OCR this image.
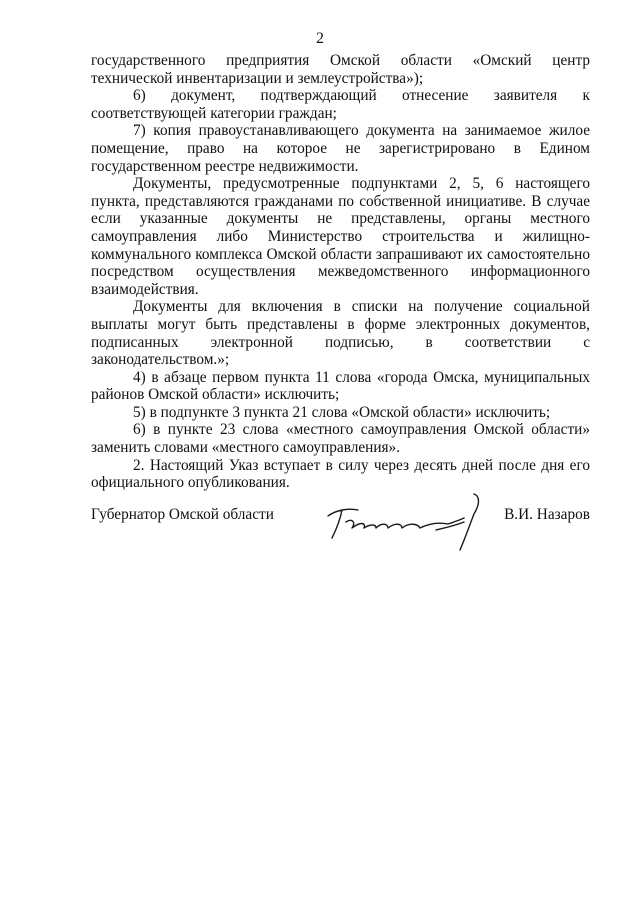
2

государственного предприятия Омской области «Омский центр технической инвентаризации и землеустройства»);

6) документ, подтверждающий отнесение заявителя к соответствующей категории граждан;

7) копия правоустанавливающего документа на занимаемое жилое помещение, право на которое не зарегистрировано в Едином государственном реестре недвижимости.

Документы, предусмотренные подпунктами 2, 5, 6 настоящего пункта, представляются гражданами по собственной инициативе. В случае если указанные документы не представлены, органы местного самоуправления либо Министерство строительства и жилищно-коммунального комплекса Омской области запрашивают их самостоятельно посредством осуществления межведомственного информационного взаимодействия.

Документы для включения в списки на получение социальной выплаты могут быть представлены в форме электронных документов, подписанных электронной подписью, в соответствии с законодательством.»;

4) в абзаце первом пункта 11 слова «города Омска, муниципальных районов Омской области» исключить;

5) в подпункте 3 пункта 21 слова «Омской области» исключить;

6) в пункте 23 слова «местного самоуправления Омской области» заменить словами «местного самоуправления».

2. Настоящий Указ вступает в силу через десять дней после дня его официального опубликования.

Губернатор Омской области	В.И. Назаров
